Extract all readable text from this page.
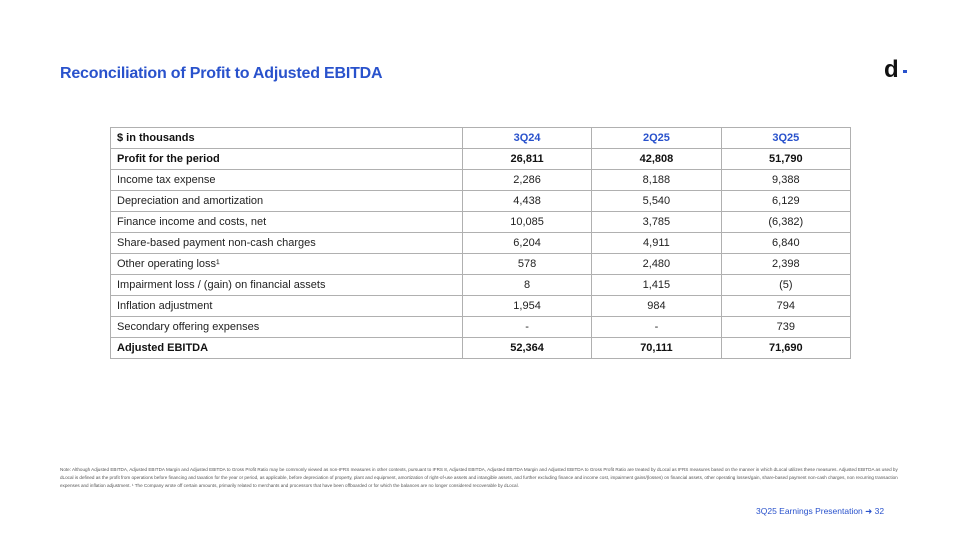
Reconciliation of Profit to Adjusted EBITDA	d
$ in thousands	3Q24	2Q25	3Q25
Profit for the period	26,811	42,808	51,790
Income tax expense	2,286	8,188	9,388
Depreciation and amortization	4,438	5,540	6,129
Finance income and costs, net	10,085	3,785	(6,382)
Share-based payment non-cash charges	6,204	4,911	6,840
Other operating loss¹	578	2,480	2,398
Impairment loss / (gain) on financial assets	8	1,415	(5)
Inflation adjustment	1,954	984	794
Secondary offering expenses	-	-	739
Adjusted EBITDA	52,364	70,111	71,690
Note: Although Adjusted EBITDA, Adjusted EBITDA Margin and Adjusted EBITDA to Gross Profit Ratio may be commonly viewed as non-IFRS measures in other contexts, pursuant to IFRS 8, Adjusted EBITDA, Adjusted EBITDA Margin and Adjusted EBITDA to Gross Profit Ratio are treated by dLocal as IFRS measures based on the manner in which dLocal utilizes these measures. Adjusted EBITDA as used by dLocal is defined as the profit from operations before financing and taxation for the year or period, as applicable, before depreciation of property, plant and equipment, amortization of right-of-use assets and intangible assets, and further excluding finance and income cost, impairment gains/(losses) on financial assets, other operating losses/gain, share-based payment non-cash charges, non recurring transaction expenses and inflation adjustment. ¹ The Company wrote off certain amounts, primarily related to merchants and processors that have been offboarded or for which the balances are no longer considered recoverable by dLocal.
3Q25 Earnings Presentation ➜ 32
